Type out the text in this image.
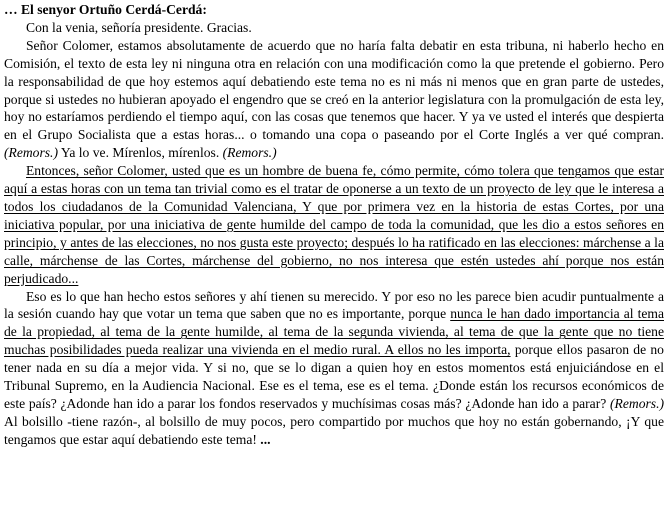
… El senyor Ortuño Cerdá-Cerdá:

Con la venia, señoría presidente. Gracias.

Señor Colomer, estamos absolutamente de acuerdo que no haría falta debatir en esta tribuna, ni haberlo hecho en Comisión, el texto de esta ley ni ninguna otra en relación con una modificación como la que pretende el gobierno. Pero la responsabilidad de que hoy estemos aquí debatiendo este tema no es ni más ni menos que en gran parte de ustedes, porque si ustedes no hubieran apoyado el engendro que se creó en la anterior legislatura con la promulgación de esta ley, hoy no estaríamos perdiendo el tiempo aquí, con las cosas que tenemos que hacer. Y ya ve usted el interés que despierta en el Grupo Socialista que a estas horas... o tomando una copa o paseando por el Corte Inglés a ver qué compran. (Remors.) Ya lo ve. Mírenlos, mírenlos. (Remors.)

Entonces, señor Colomer, usted que es un hombre de buena fe, cómo permite, cómo tolera que tengamos que estar aquí a estas horas con un tema tan trivial como es el tratar de oponerse a un texto de un proyecto de ley que le interesa a todos los ciudadanos de la Comunidad Valenciana, Y que por primera vez en la historia de estas Cortes, por una iniciativa popular, por una iniciativa de gente humilde del campo de toda la comunidad, que les dio a estos señores en principio, y antes de las elecciones, no nos gusta este proyecto; después lo ha ratificado en las elecciones: márchense a la calle, márchense de las Cortes, márchense del gobierno, no nos interesa que estén ustedes ahí porque nos están perjudicado...

Eso es lo que han hecho estos señores y ahí tienen su merecido. Y por eso no les parece bien acudir puntualmente a la sesión cuando hay que votar un tema que saben que no es importante, porque nunca le han dado importancia al tema de la propiedad, al tema de la gente humilde, al tema de la segunda vivienda, al tema de que la gente que no tiene muchas posibilidades pueda realizar una vivienda en el medio rural. A ellos no les importa, porque ellos pasaron de no tener nada en su día a mejor vida. Y si no, que se lo digan a quien hoy en estos momentos está enjuiciándose en el Tribunal Supremo, en la Audiencia Nacional. Ese es el tema, ese es el tema. ¿Donde están los recursos económicos de este país? ¿Adonde han ido a parar los fondos reservados y muchísimas cosas más? ¿Adonde han ido a parar? (Remors.) Al bolsillo -tiene razón-, al bolsillo de muy pocos, pero compartido por muchos que hoy no están gobernando, ¡Y que tengamos que estar aquí debatiendo este tema! ...
